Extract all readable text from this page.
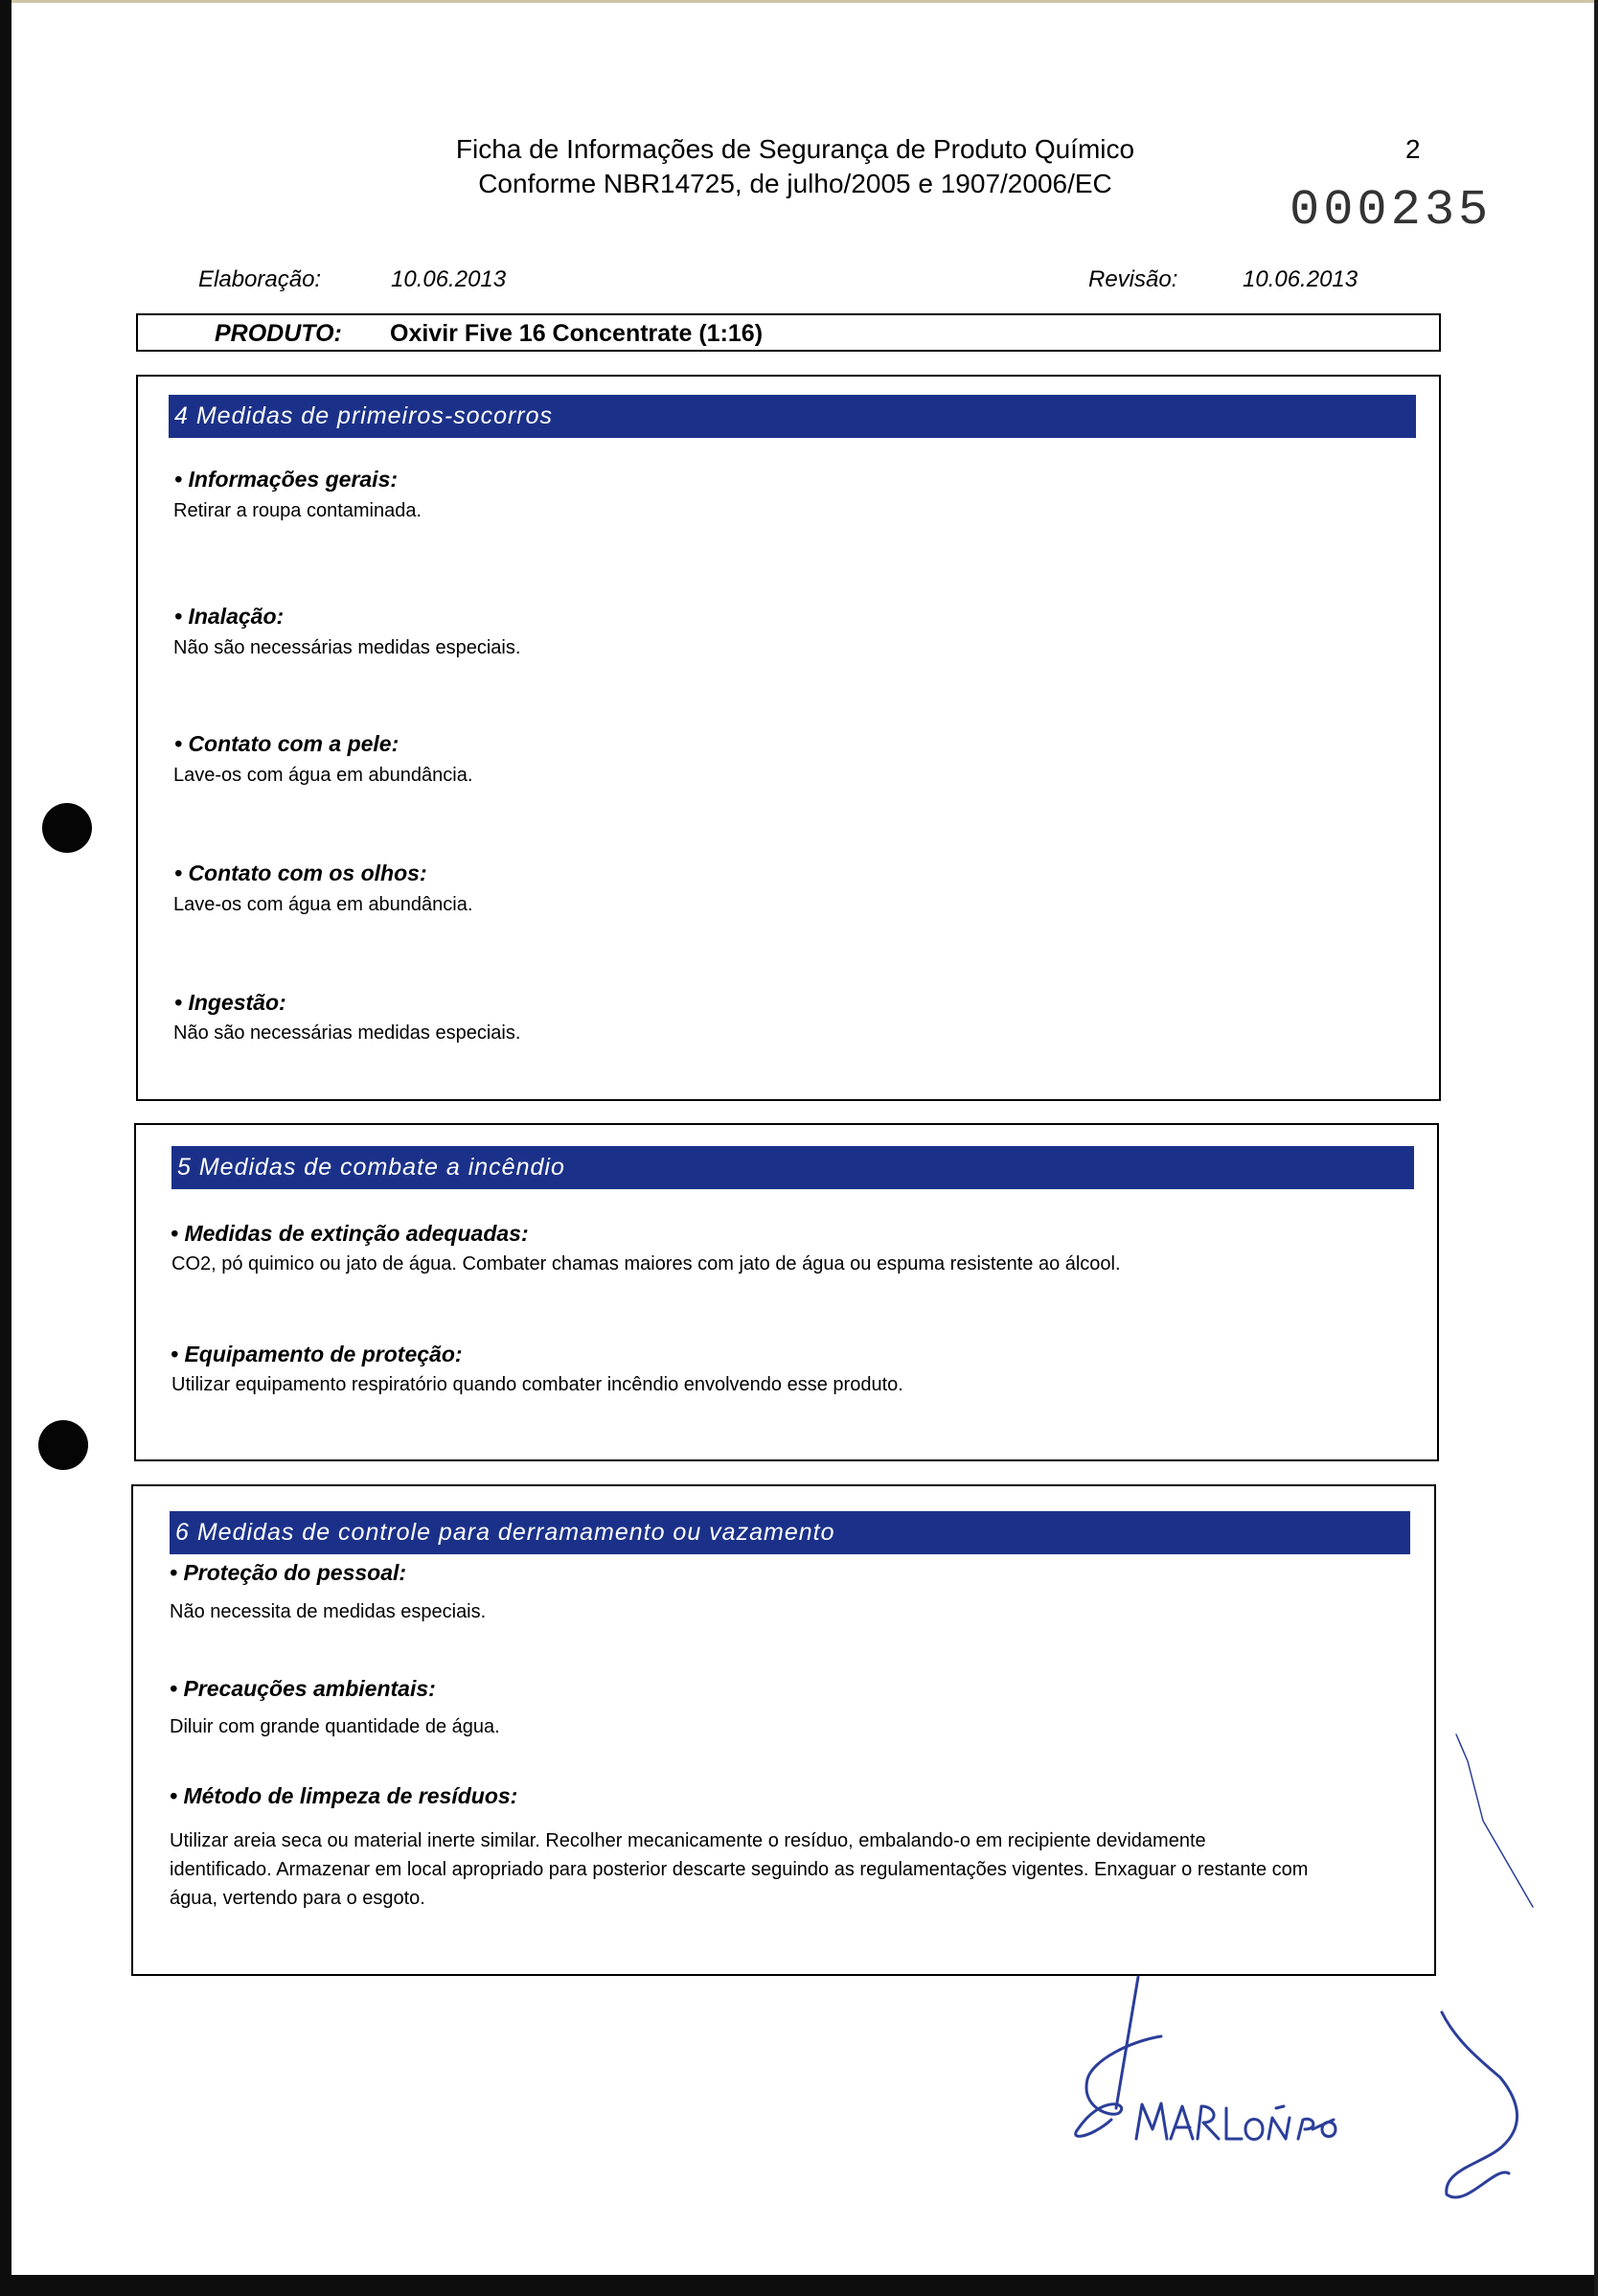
Ficha de Informações de Segurança de Produto Químico
Conforme NBR14725, de julho/2005 e 1907/2006/EC
2
000235
Elaboração:	10.06.2013	Revisão:	10.06.2013
PRODUTO: Oxivir Five 16 Concentrate (1:16)
4 Medidas de primeiros-socorros
• Informações gerais:
Retirar a roupa contaminada.
• Inalação:
Não são necessárias medidas especiais.
• Contato com a pele:
Lave-os com água em abundância.
• Contato com os olhos:
Lave-os com água em abundância.
• Ingestão:
Não são necessárias medidas especiais.
5 Medidas de combate a incêndio
• Medidas de extinção adequadas:
CO2, pó quimico ou jato de água. Combater chamas maiores com jato de água ou espuma resistente ao álcool.
• Equipamento de proteção:
Utilizar equipamento respiratório quando combater incêndio envolvendo esse produto.
6 Medidas de controle para derramamento ou vazamento
• Proteção do pessoal:
Não necessita de medidas especiais.
• Precauções ambientais:
Diluir com grande quantidade de água.
• Método de limpeza de resíduos:
Utilizar areia seca ou material inerte similar. Recolher mecanicamente o resíduo, embalando-o em recipiente devidamente
identificado. Armazenar em local apropriado para posterior descarte seguindo as regulamentações vigentes. Enxaguar o restante com
água, vertendo para o esgoto.
